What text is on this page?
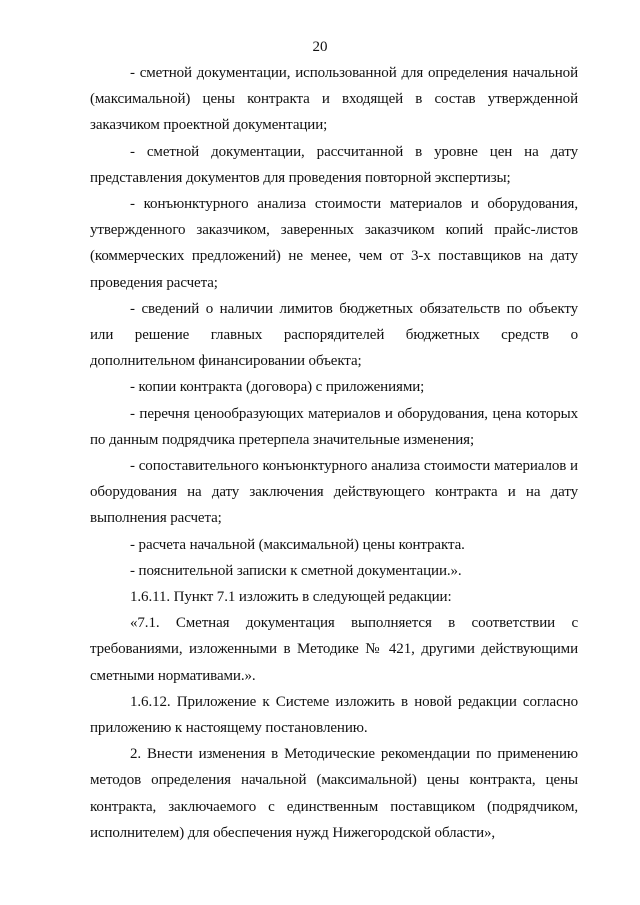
20

- сметной документации, использованной для определения начальной (максимальной) цены контракта и входящей в состав утвержденной заказчиком проектной документации;

- сметной документации, рассчитанной в уровне цен на дату представления документов для проведения повторной экспертизы;

- конъюнктурного анализа стоимости материалов и оборудования, утвержденного заказчиком, заверенных заказчиком копий прайс-листов (коммерческих предложений) не менее, чем от 3-х поставщиков на дату проведения расчета;

- сведений о наличии лимитов бюджетных обязательств по объекту или решение главных распорядителей бюджетных средств о дополнительном финансировании объекта;

- копии контракта (договора) с приложениями;

- перечня ценообразующих материалов и оборудования, цена которых по данным подрядчика претерпела значительные изменения;

- сопоставительного конъюнктурного анализа стоимости материалов и оборудования на дату заключения действующего контракта и на дату выполнения расчета;

- расчета начальной (максимальной) цены контракта.

- пояснительной записки к сметной документации.».

1.6.11. Пункт 7.1 изложить в следующей редакции:

«7.1. Сметная документация выполняется в соответствии с требованиями, изложенными в Методике № 421, другими действующими сметными нормативами.».

1.6.12. Приложение к Системе изложить в новой редакции согласно приложению к настоящему постановлению.

2. Внести изменения в Методические рекомендации по применению методов определения начальной (максимальной) цены контракта, цены контракта, заключаемого с единственным поставщиком (подрядчиком, исполнителем) для обеспечения нужд Нижегородской области»,
